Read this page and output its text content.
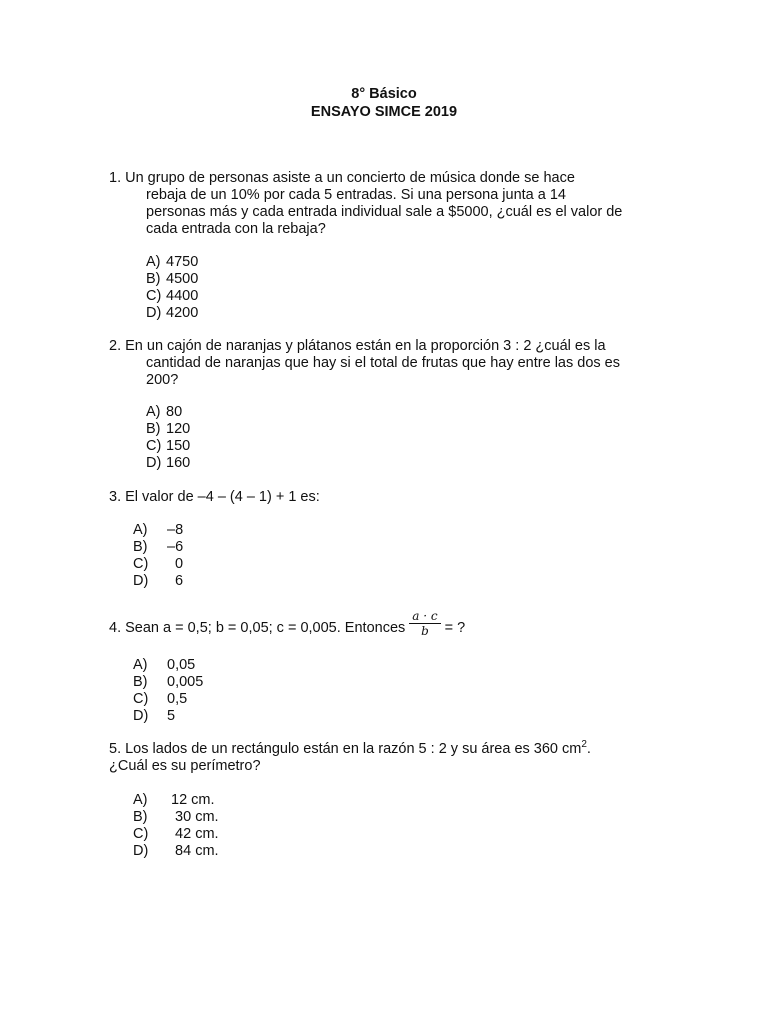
8° Básico
ENSAYO SIMCE 2019
1. Un grupo de personas asiste a un concierto de música donde se hace
rebaja de un 10% por cada 5 entradas. Si una persona junta a 14
personas más y cada entrada individual sale a $5000, ¿cuál es el valor de
cada entrada con la rebaja?
A) 4750
B) 4500
C) 4400
D) 4200
2. En un cajón de naranjas y plátanos están en la proporción 3 : 2 ¿cuál es la
cantidad de naranjas que hay si el total de frutas que hay entre las dos es
200?
A) 80
B) 120
C) 150
D) 160
3. El valor de –4 – (4 – 1) + 1 es:
A)	–8
B)	–6
C)	0
D)	6
4. Sean a = 0,5; b = 0,05; c = 0,005. Entonces $\frac{a \cdot c}{b}$ = ?
A)	0,05
B)	0,005
C)	0,5
D)	5
5. Los lados de un rectángulo están en la razón 5 : 2 y su área es 360 $cm^2$.
¿Cuál es su perímetro?
A)	12 cm.
B)	30 cm.
C)	42 cm.
D)	84 cm.
